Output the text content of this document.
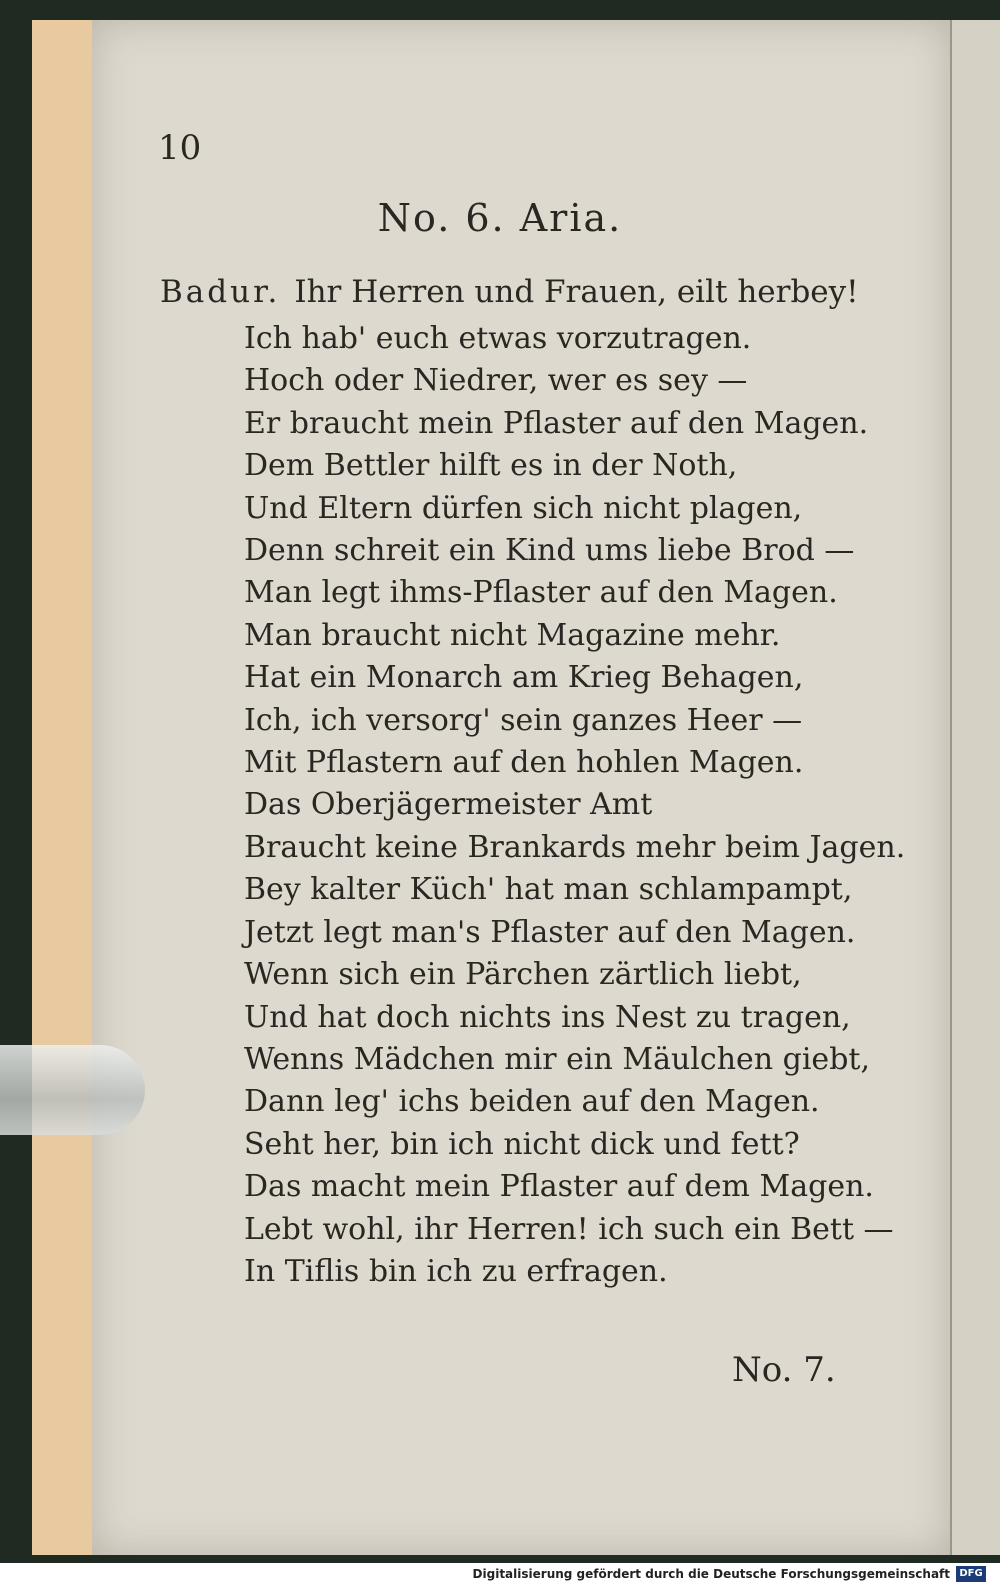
10
No. 6. Aria.
Badur. Ihr Herren und Frauen, eilt herbey!
Ich hab' euch etwas vorzutragen.
Hoch oder Niedrer, wer es sey —
Er braucht mein Pflaster auf den Magen.
Dem Bettler hilft es in der Noth,
Und Eltern dürfen sich nicht plagen,
Denn schreit ein Kind ums liebe Brod —
Man legt ihms-Pflaster auf den Magen.
Man braucht nicht Magazine mehr.
Hat ein Monarch am Krieg Behagen,
Ich, ich versorg' sein ganzes Heer —
Mit Pflastern auf den hohlen Magen.
Das Oberjägermeister Amt
Braucht keine Brankards mehr beim Jagen.
Bey kalter Küch' hat man schlampampt,
Jetzt legt man's Pflaster auf den Magen.
Wenn sich ein Pärchen zärtlich liebt,
Und hat doch nichts ins Nest zu tragen,
Wenns Mädchen mir ein Mäulchen giebt,
Dann leg' ichs beiden auf den Magen.
Seht her, bin ich nicht dick und fett?
Das macht mein Pflaster auf dem Magen.
Lebt wohl, ihr Herren! ich such ein Bett —
In Tiflis bin ich zu erfragen.
No. 7.
Digitalisierung gefördert durch die Deutsche Forschungsgemeinschaft DFG
